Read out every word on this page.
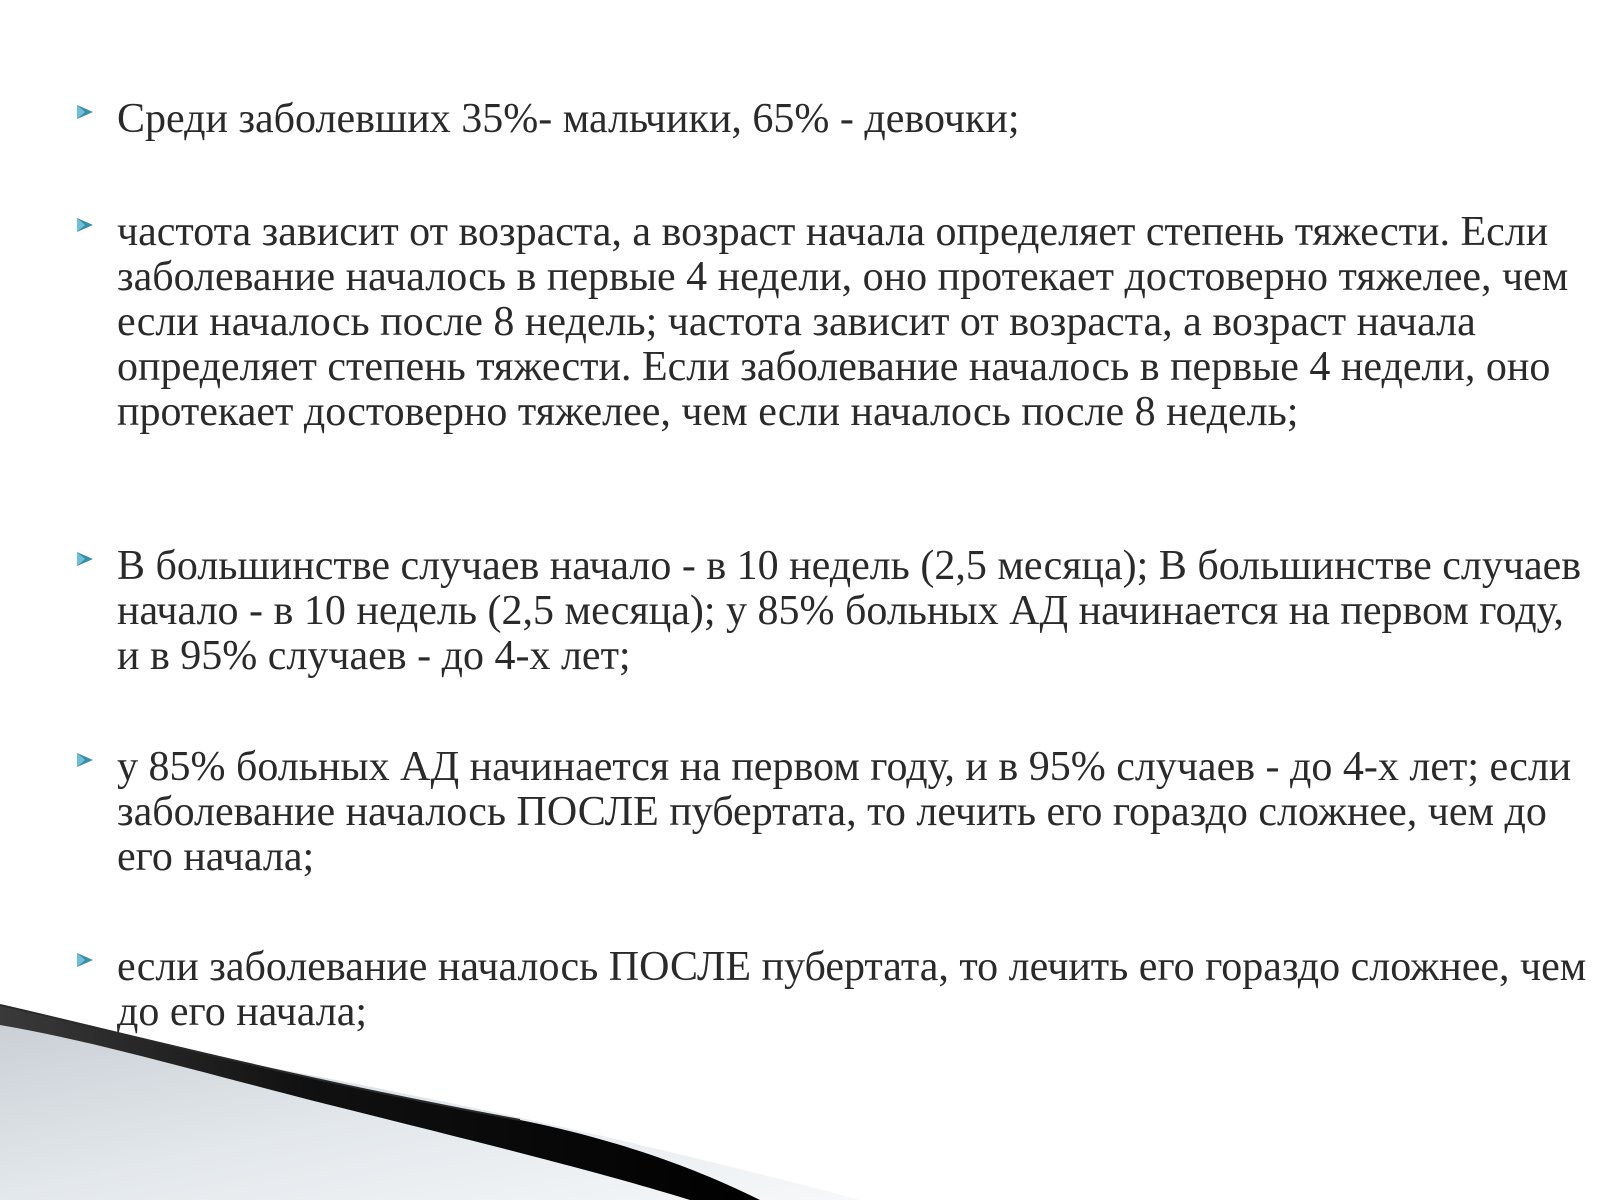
Среди заболевших 35%- мальчики, 65% - девочки;

частота зависит от возраста, а возраст начала определяет степень тяжести. Если заболевание началось в первые 4 недели, оно протекает достоверно тяжелее, чем если началось после 8 недель; частота зависит от возраста, а возраст начала определяет степень тяжести. Если заболевание началось в первые 4 недели, оно протекает достоверно тяжелее, чем если началось после 8 недель;

В большинстве случаев начало - в 10 недель (2,5 месяца); В большинстве случаев начало - в 10 недель (2,5 месяца); у 85% больных АД начинается на первом году, и в 95% случаев - до 4-х лет;

у 85% больных АД начинается на первом году, и в 95% случаев - до 4-х лет; если заболевание началось ПОСЛЕ пубертата, то лечить его гораздо сложнее, чем до его начала;

если заболевание началось ПОСЛЕ пубертата, то лечить его гораздо сложнее, чем до его начала;
